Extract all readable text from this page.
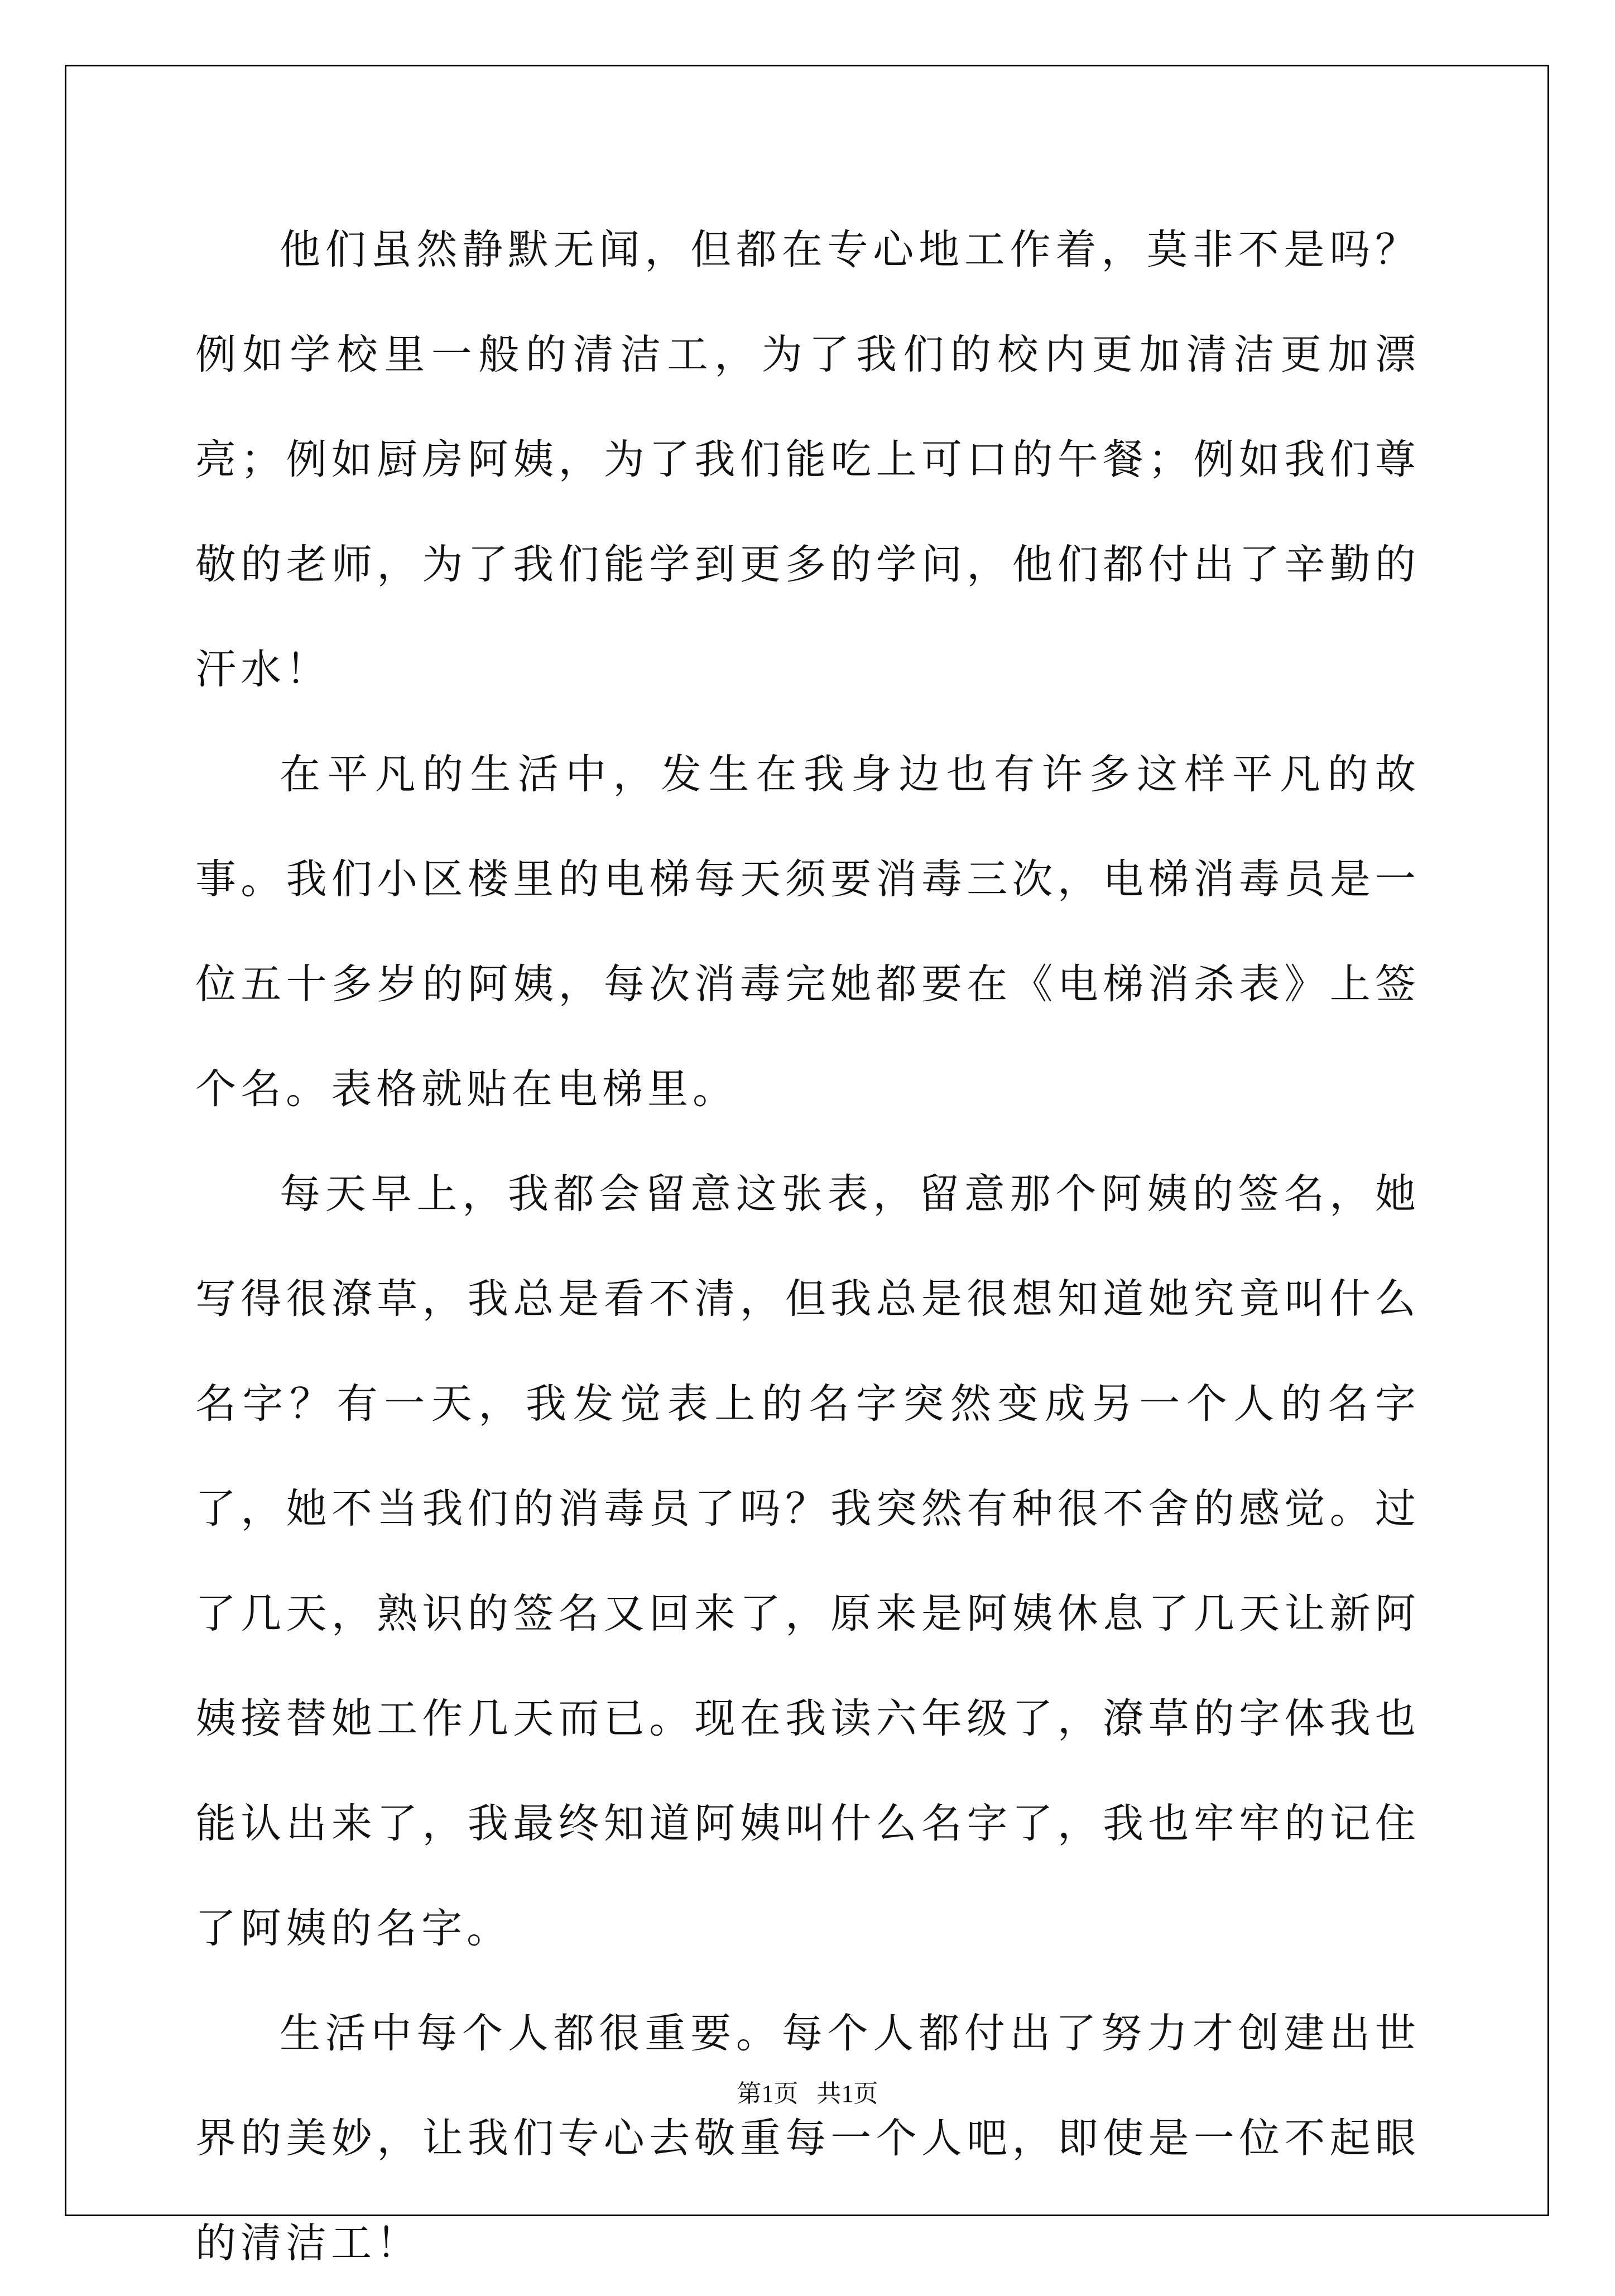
他们虽然静默无闻，但都在专心地工作着，莫非不是吗？例如学校里一般的清洁工，为了我们的校内更加清洁更加漂亮；例如厨房阿姨，为了我们能吃上可口的午餐；例如我们尊敬的老师，为了我们能学到更多的学问，他们都付出了辛勤的汗水！

在平凡的生活中，发生在我身边也有许多这样平凡的故事。我们小区楼里的电梯每天须要消毒三次，电梯消毒员是一位五十多岁的阿姨，每次消毒完她都要在《电梯消杀表》上签个名。表格就贴在电梯里。

每天早上，我都会留意这张表，留意那个阿姨的签名，她写得很潦草，我总是看不清，但我总是很想知道她究竟叫什么名字？有一天，我发觉表上的名字突然变成另一个人的名字了，她不当我们的消毒员了吗？我突然有种很不舍的感觉。过了几天，熟识的签名又回来了，原来是阿姨休息了几天让新阿姨接替她工作几天而已。现在我读六年级了，潦草的字体我也能认出来了，我最终知道阿姨叫什么名字了，我也牢牢的记住了阿姨的名字。

生活中每个人都很重要。每个人都付出了努力才创建出世界的美妙，让我们专心去敬重每一个人吧，即使是一位不起眼的清洁工！

第1页   共1页
